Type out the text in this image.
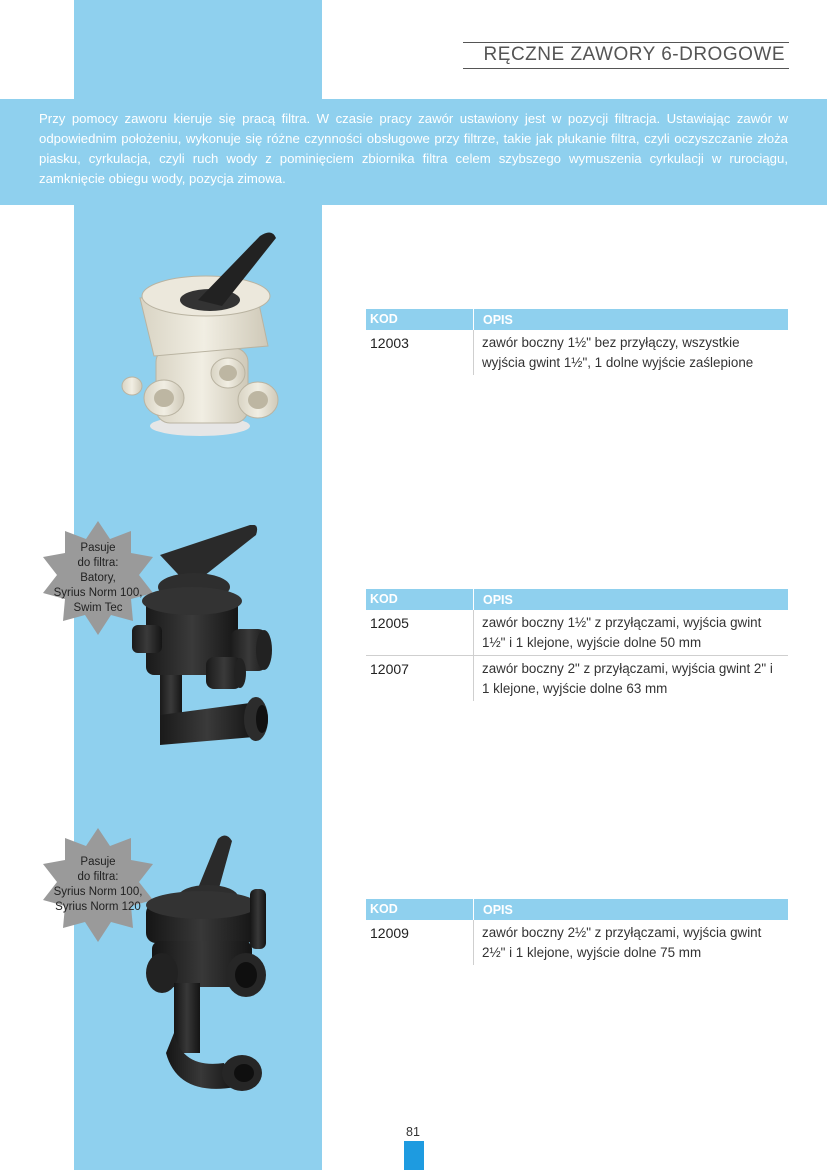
RĘCZNE ZAWORY 6-DROGOWE
Przy pomocy zaworu kieruje się pracą filtra. W czasie pracy zawór ustawiony jest w pozycji filtracja. Ustawiając zawór w odpowiednim położeniu, wykonuje się różne czynności obsługowe przy filtrze, takie jak płukanie filtra, czyli oczyszczanie złoża piasku, cyrkulacja, czyli ruch wody z pominięciem zbiornika filtra celem szybszego wymuszenia cyrkulacji w rurociągu, zamknięcie obiegu wody, pozycja zimowa.
KOD	OPIS
12003	zawór boczny 1½" bez przyłączy, wszystkie wyjścia gwint 1½", 1 dolne wyjście zaślepione
Pasuje
do filtra:
Batory,
Syrius Norm 100,
Swim Tec
KOD	OPIS
12005	zawór boczny 1½" z przyłączami, wyjścia gwint 1½" i 1 klejone, wyjście dolne 50 mm
12007	zawór boczny 2" z przyłączami, wyjścia gwint 2" i 1 klejone, wyjście dolne 63 mm
Pasuje
do filtra:
Syrius Norm 100,
Syrius Norm 120	KOD	OPIS
12009	zawór boczny 2½" z przyłączami, wyjścia gwint 2½" i 1 klejone, wyjście dolne 75 mm
81
